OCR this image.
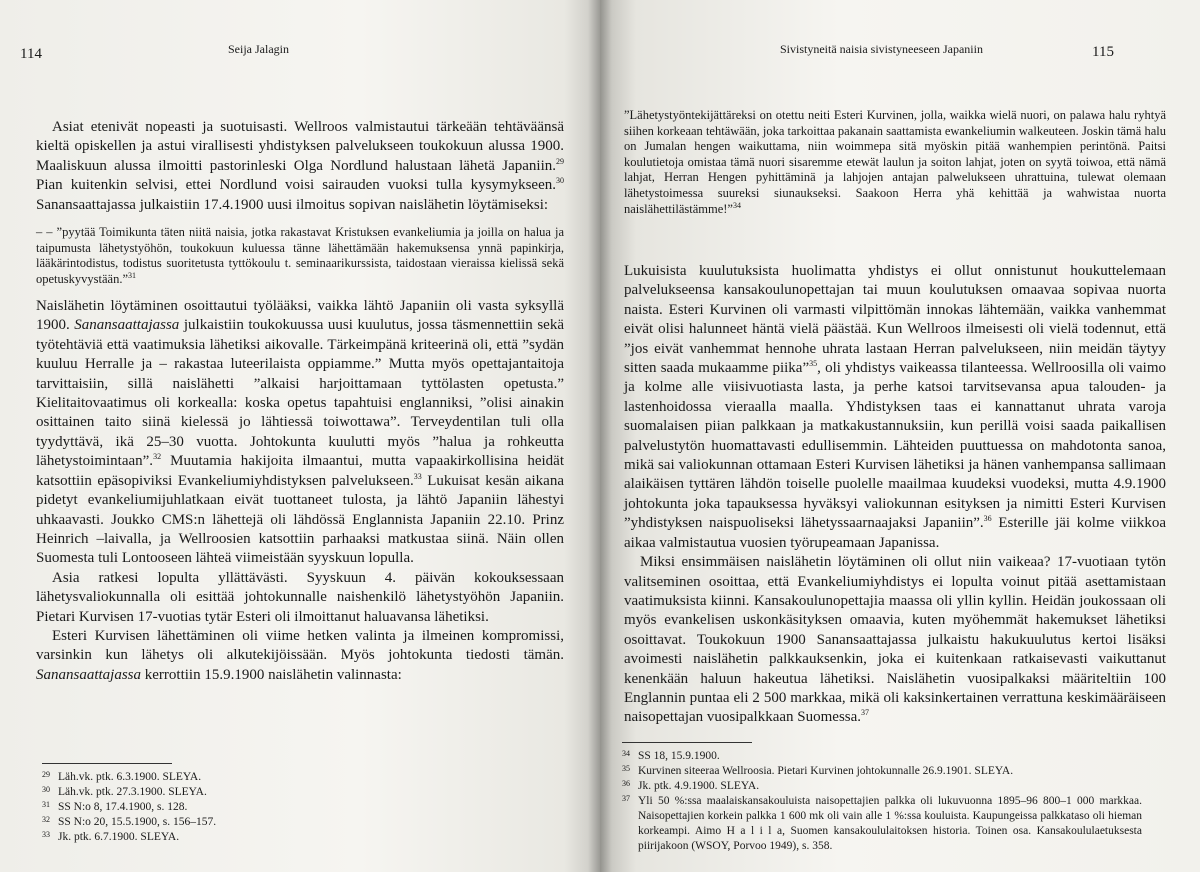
114	Seija Jalagin

Asiat etenivät nopeasti ja suotuisasti. Wellroos valmistautui tärkeään tehtäväänsä kieltä opiskellen ja astui virallisesti yhdistyksen palvelukseen toukokuun alussa 1900. Maaliskuun alussa ilmoitti pastorinleski Olga Nordlund halustaan lähetä Japaniin.$^{29}$ Pian kuitenkin selvisi, ettei Nordlund voisi sairauden vuoksi tulla kysymykseen.$^{30}$ Sanansaattajassa julkaistiin 17.4.1900 uusi ilmoitus sopivan naislähetin löytämiseksi:

– – ”pyytää Toimikunta täten niitä naisia, jotka rakastavat Kristuksen evankeliumia ja joilla on halua ja taipumusta lähetystyöhön, toukokuun kuluessa tänne lähettämään hakemuksensa ynnä papinkirja, lääkärintodistus, todistus suoritetusta tyttökoulu t. seminaarikurssista, taidostaan vieraissa kielissä sekä opetuskyvystään.”$^{31}$

Naislähetin löytäminen osoittautui työlääksi, vaikka lähtö Japaniin oli vasta syksyllä 1900. Sanansaattajassa julkaistiin toukokuussa uusi kuulutus, jossa täsmennettiin sekä työtehtäviä että vaatimuksia lähetiksi aikovalle. Tärkeimpänä kriteerinä oli, että ”sydän kuuluu Herralle ja – rakastaa luteerilaista oppiamme.” Mutta myös opettajantaitoja tarvittaisiin, sillä naislähetti ”alkaisi harjoittamaan tyttölasten opetusta.” Kielitaitovaatimus oli korkealla: koska opetus tapahtuisi englanniksi, ”olisi ainakin osittainen taito siinä kielessä jo lähtiessä toiwottawa”. Terveydentilan tuli olla tyydyttävä, ikä 25–30 vuotta. Johtokunta kuulutti myös ”halua ja rohkeutta lähetystoimintaan”.$^{32}$ Muutamia hakijoita ilmaantui, mutta vapaakirkollisina heidät katsottiin epäsopiviksi Evankeliumiyhdistyksen palvelukseen.$^{33}$ Lukuisat kesän aikana pidetyt evankeliumijuhlatkaan eivät tuottaneet tulosta, ja lähtö Japaniin lähestyi uhkaavasti. Joukko CMS:n lähettejä oli lähdössä Englannista Japaniin 22.10. Prinz Heinrich –laivalla, ja Wellroosien katsottiin parhaaksi matkustaa siinä. Näin ollen Suomesta tuli Lontooseen lähteä viimeistään syyskuun lopulla.

Asia ratkesi lopulta yllättävästi. Syyskuun 4. päivän kokouksessaan lähetysvaliokunnalla oli esittää johtokunnalle naishenkilö lähetystyöhön Japaniin. Pietari Kurvisen 17-vuotias tytär Esteri oli ilmoittanut haluavansa lähetiksi.

Esteri Kurvisen lähettäminen oli viime hetken valinta ja ilmeinen kompromissi, varsinkin kun lähetys oli alkutekijöissään. Myös johtokunta tiedosti tämän. Sanansaattajassa kerrottiin 15.9.1900 naislähetin valinnasta:

29 Läh.vk. ptk. 6.3.1900. SLEYA.
30 Läh.vk. ptk. 27.3.1900. SLEYA.
31 SS N:o 8, 17.4.1900, s. 128.
32 SS N:o 20, 15.5.1900, s. 156–157.
33 Jk. ptk. 6.7.1900. SLEYA.
Sivistyneitä naisia sivistyneeseen Japaniin	115
”Lähetystyöntekijättäreksi on otettu neiti Esteri Kurvinen, jolla, waikka wielä nuori, on palawa halu ryhtyä siihen korkeaan tehtäwään, joka tarkoittaa pakanain saattamista ewankeliumin walkeuteen. Joskin tämä halu on Jumalan hengen waikuttama, niin woimmepa sitä myöskin pitää wanhempien perintönä. Paitsi koulutietoja omistaa tämä nuori sisaremme etewät laulun ja soiton lahjat, joten on syytä toiwoa, että nämä lahjat, Herran Hengen pyhittäminä ja lahjojen antajan palwelukseen uhrattuina, tulewat olemaan lähetystoimessa suureksi siunaukseksi. Saakoon Herra yhä kehittää ja wahwistaa nuorta naislähettilästämme!”$^{34}$

Lukuisista kuulutuksista huolimatta yhdistys ei ollut onnistunut houkuttelemaan palvelukseensa kansakoulunopettajan tai muun koulutuksen omaavaa sopivaa nuorta naista. Esteri Kurvinen oli varmasti vilpittömän innokas lähtemään, vaikka vanhemmat eivät olisi halunneet häntä vielä päästää. Kun Wellroos ilmeisesti oli vielä todennut, että ”jos eivät vanhemmat hennohe uhrata lastaan Herran palvelukseen, niin meidän täytyy sitten saada mukaamme piika”$^{35}$, oli yhdistys vaikeassa tilanteessa. Wellroosilla oli vaimo ja kolme alle viisivuotiasta lasta, ja perhe katsoi tarvitsevansa apua talouden- ja lastenhoidossa vieraalla maalla. Yhdistyksen taas ei kannattanut uhrata varoja suomalaisen piian palkkaan ja matkakustannuksiin, kun perillä voisi saada paikallisen palvelustytön huomattavasti edullisemmin. Lähteiden puuttuessa on mahdotonta sanoa, mikä sai valiokunnan ottamaan Esteri Kurvisen lähetiksi ja hänen vanhempansa sallimaan alaikäisen tyttären lähdön toiselle puolelle maailmaa kuudeksi vuodeksi, mutta 4.9.1900 johtokunta joka tapauksessa hyväksyi valiokunnan esityksen ja nimitti Esteri Kurvisen ”yhdistyksen naispuoliseksi lähetyssaarnaajaksi Japaniin”.$^{36}$ Esterille jäi kolme viikkoa aikaa valmistautua vuosien työrupeamaan Japanissa.

Miksi ensimmäisen naislähetin löytäminen oli ollut niin vaikeaa? 17-vuotiaan tytön valitseminen osoittaa, että Evankeliumiyhdistys ei lopulta voinut pitää asettamistaan vaatimuksista kiinni. Kansakoulunopettajia maassa oli yllin kyllin. Heidän joukossaan oli myös evankelisen uskonkäsityksen omaavia, kuten myöhemmät hakemukset lähetiksi osoittavat. Toukokuun 1900 Sanansaattajassa julkaistu hakukuulutus kertoi lisäksi avoimesti naislähetin palkkauksenkin, joka ei kuitenkaan ratkaisevasti vaikuttanut kenenkään haluun hakeutua lähetiksi. Naislähetin vuosipalkaksi määriteltiin 100 Englannin puntaa eli 2 500 markkaa, mikä oli kaksinkertainen verrattuna keskimääräiseen naisopettajan vuosipalkkaan Suomessa.$^{37}$

34 SS 18, 15.9.1900.
35 Kurvinen siteeraa Wellroosia. Pietari Kurvinen johtokunnalle 26.9.1901. SLEYA.
36 Jk. ptk. 4.9.1900. SLEYA.
37 Yli 50 %:ssa maalaiskansakouluista naisopettajien palkka oli lukuvuonna 1895–96 800–1 000 markkaa. Naisopettajien korkein palkka 1 600 mk oli vain alle 1 %:ssa kouluista. Kaupungeissa palkkataso oli hieman korkeampi. Aimo H a l i l a, Suomen kansakoululaitoksen historia. Toinen osa. Kansakoululaetuksesta piirijakoon (WSOY, Porvoo 1949), s. 358.
